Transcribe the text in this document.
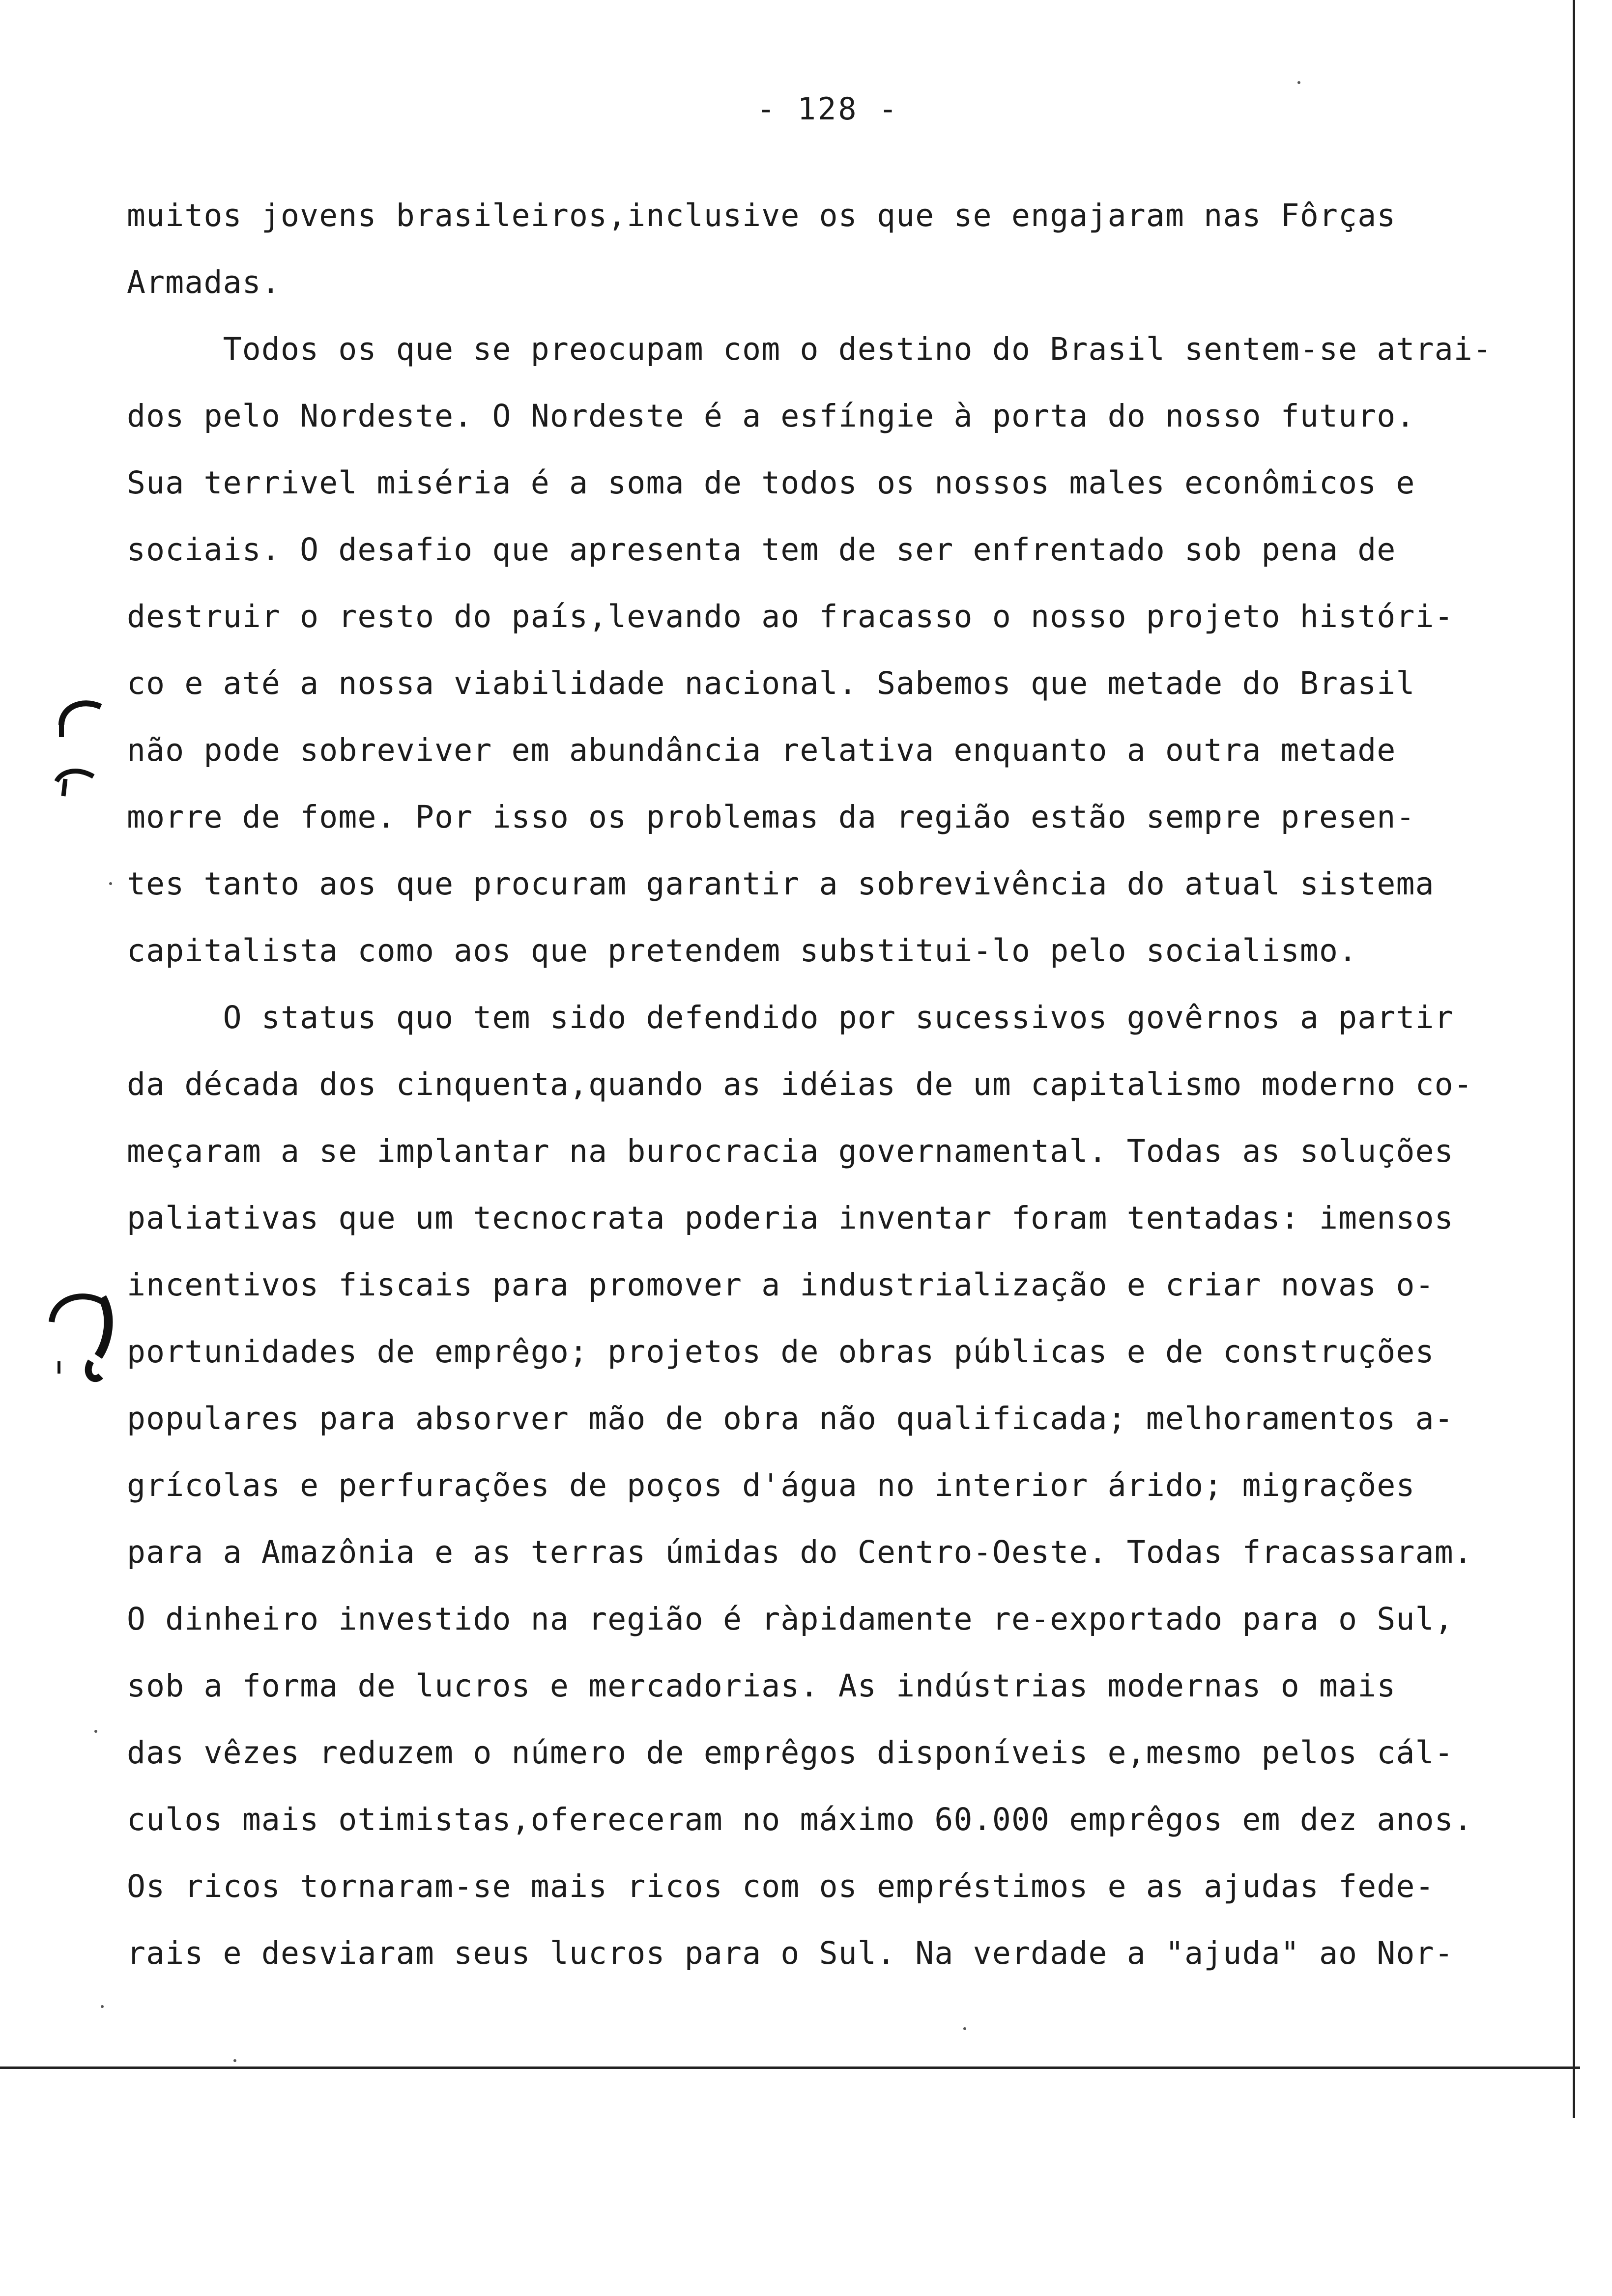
- 128 -
muitos jovens brasileiros,inclusive os que se engajaram nas Fôrças
Armadas.
Todos os que se preocupam com o destino do Brasil sentem-se atrai-
dos pelo Nordeste. O Nordeste é a esfíngie à porta do nosso futuro.
Sua terrivel miséria é a soma de todos os nossos males econômicos e
sociais. O desafio que apresenta tem de ser enfrentado sob pena de
destruir o resto do país,levando ao fracasso o nosso projeto históri-
co e até a nossa viabilidade nacional. Sabemos que metade do Brasil
não pode sobreviver em abundância relativa enquanto a outra metade
morre de fome. Por isso os problemas da região estão sempre presen-
tes tanto aos que procuram garantir a sobrevivência do atual sistema
capitalista como aos que pretendem substitui-lo pelo socialismo.
O status quo tem sido defendido por sucessivos govêrnos a partir
da década dos cinquenta,quando as idéias de um capitalismo moderno co-
meçaram a se implantar na burocracia governamental. Todas as soluções
paliativas que um tecnocrata poderia inventar foram tentadas: imensos
incentivos fiscais para promover a industrialização e criar novas o-
portunidades de emprêgo; projetos de obras públicas e de construções
populares para absorver mão de obra não qualificada; melhoramentos a-
grícolas e perfurações de poços d'água no interior árido; migrações
para a Amazônia e as terras úmidas do Centro-Oeste. Todas fracassaram.
O dinheiro investido na região é ràpidamente re-exportado para o Sul,
sob a forma de lucros e mercadorias. As indústrias modernas o mais
das vêzes reduzem o número de emprêgos disponíveis e,mesmo pelos cál-
culos mais otimistas,ofereceram no máximo 60.000 emprêgos em dez anos.
Os ricos tornaram-se mais ricos com os empréstimos e as ajudas fede-
rais e desviaram seus lucros para o Sul. Na verdade a "ajuda" ao Nor-
